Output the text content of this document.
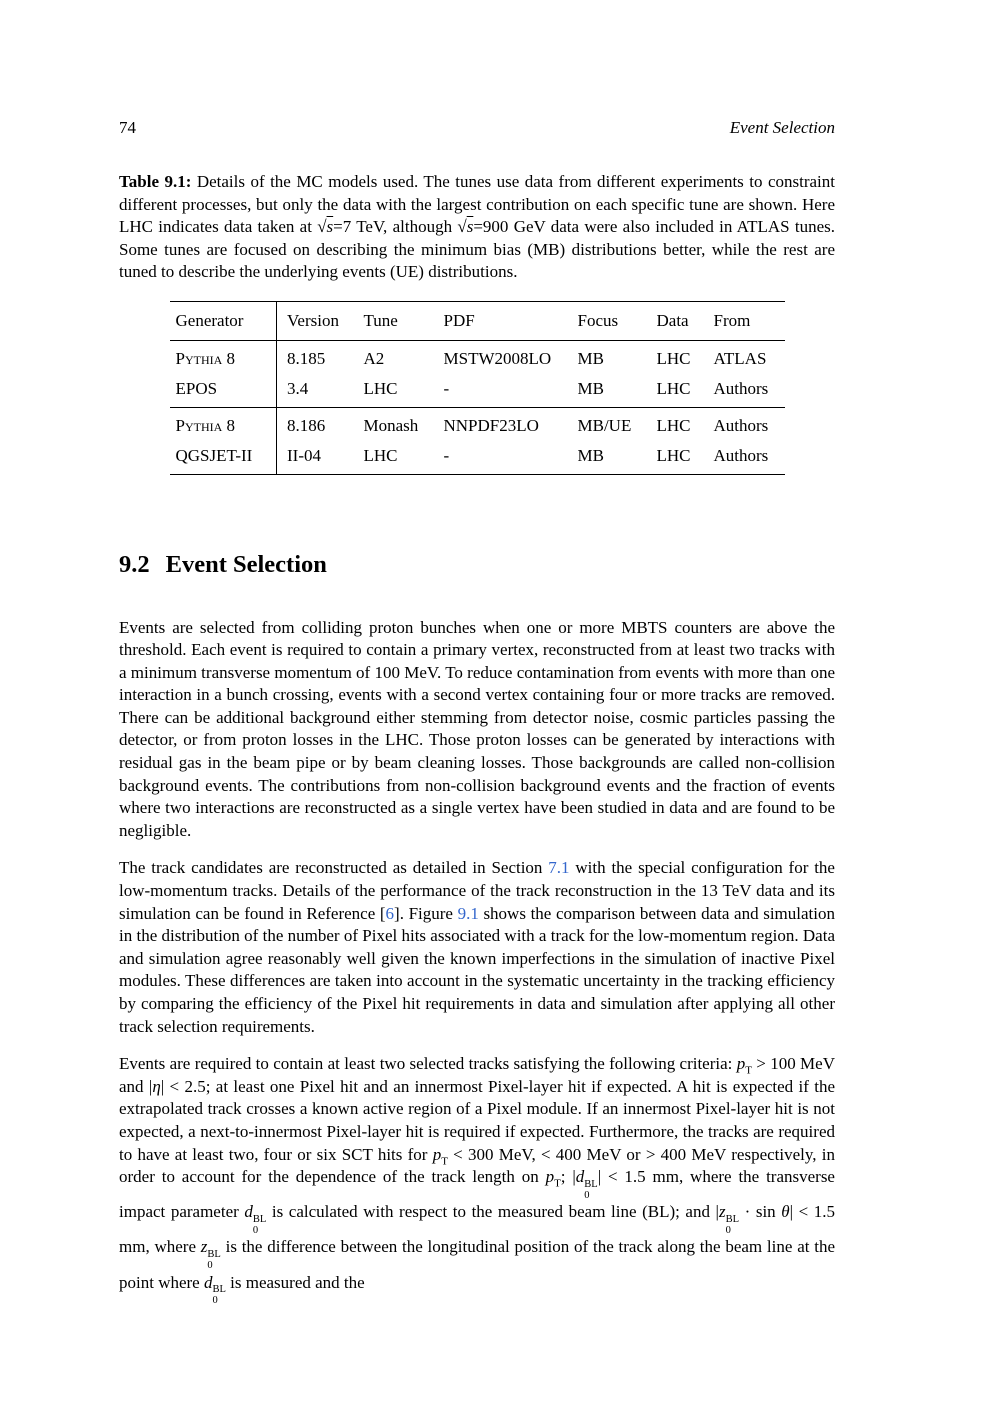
74	Event Selection

Table 9.1: Details of the MC models used. The tunes use data from different experiments to constraint different processes, but only the data with the largest contribution on each specific tune are shown. Here LHC indicates data taken at √s=7 TeV, although √s=900 GeV data were also included in ATLAS tunes. Some tunes are focused on describing the minimum bias (MB) distributions better, while the rest are tuned to describe the underlying events (UE) distributions.

Generator	Version	Tune	PDF	Focus	Data	From
Pythia 8	8.185	A2	MSTW2008LO	MB	LHC	ATLAS
EPOS	3.4	LHC	-	MB	LHC	Authors
Pythia 8	8.186	Monash	NNPDF23LO	MB/UE	LHC	Authors
QGSJET-II	II-04	LHC	-	MB	LHC	Authors
9.2 Event Selection

Events are selected from colliding proton bunches when one or more MBTS counters are above the threshold. Each event is required to contain a primary vertex, reconstructed from at least two tracks with a minimum transverse momentum of 100 MeV. To reduce contamination from events with more than one interaction in a bunch crossing, events with a second vertex containing four or more tracks are removed. There can be additional background either stemming from detector noise, cosmic particles passing the detector, or from proton losses in the LHC. Those proton losses can be generated by interactions with residual gas in the beam pipe or by beam cleaning losses. Those backgrounds are called non-collision background events. The contributions from non-collision background events and the fraction of events where two interactions are reconstructed as a single vertex have been studied in data and are found to be negligible.

The track candidates are reconstructed as detailed in Section 7.1 with the special configuration for the low-momentum tracks. Details of the performance of the track reconstruction in the 13 TeV data and its simulation can be found in Reference [6]. Figure 9.1 shows the comparison between data and simulation in the distribution of the number of Pixel hits associated with a track for the low-momentum region. Data and simulation agree reasonably well given the known imperfections in the simulation of inactive Pixel modules. These differences are taken into account in the systematic uncertainty in the tracking efficiency by comparing the efficiency of the Pixel hit requirements in data and simulation after applying all other track selection requirements.

Events are required to contain at least two selected tracks satisfying the following criteria: $p_T > 100$ MeV and |η| < 2.5; at least one Pixel hit and an innermost Pixel-layer hit if expected. A hit is expected if the extrapolated track crosses a known active region of a Pixel module. If an innermost Pixel-layer hit is not expected, a next-to-innermost Pixel-layer hit is required if expected. Furthermore, the tracks are required to have at least two, four or six SCT hits for $p_T < 300$ MeV, < 400 MeV or > 400 MeV respectively, in order to account for the dependence of the track length on $p_T$; |d BL
0
| < 1.5 mm, where the transverse impact parameter d BL
0
is calculated with respect to the measured beam line (BL); and |z BL
0
· sin θ| < 1.5 mm, where z BL
0
is the difference between the longitudinal position of the track along the beam line at the point where d BL
0
is measured and the
